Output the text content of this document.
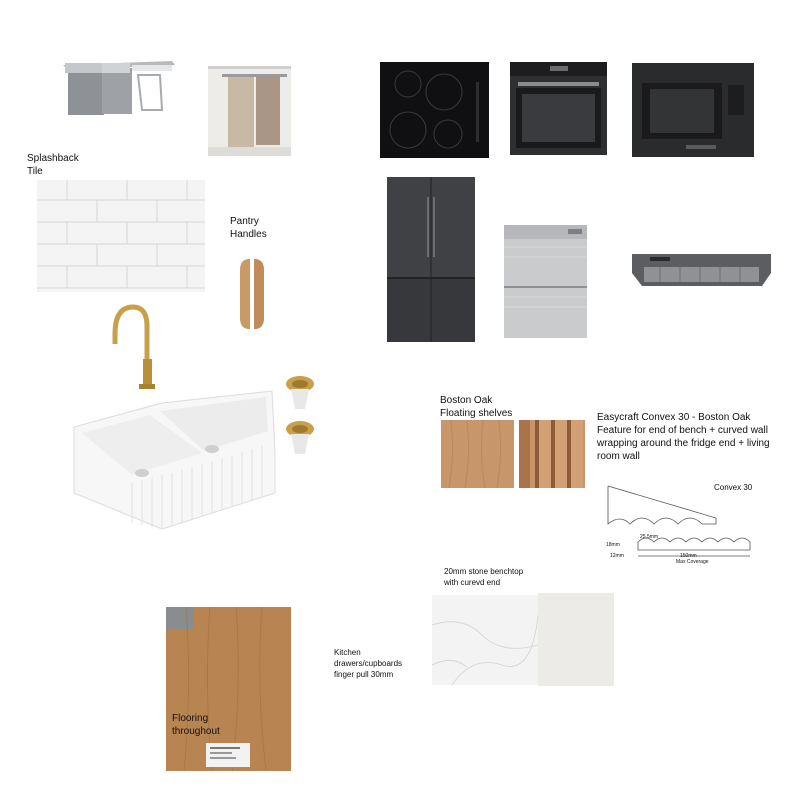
Splashback
Tile
Pantry
Handles
Boston Oak
Floating shelves	Easycraft Convex 30 - Boston Oak
Feature for end of bench + curved wall
wrapping around the fridge end + living
room wall
Convex 30
25.5mm
18mm
12mm	150mm
Max Coverage
20mm stone benchtop
with curevd end
Kitchen
drawers/cupboards
finger pull 30mm
Flooring
throughout
